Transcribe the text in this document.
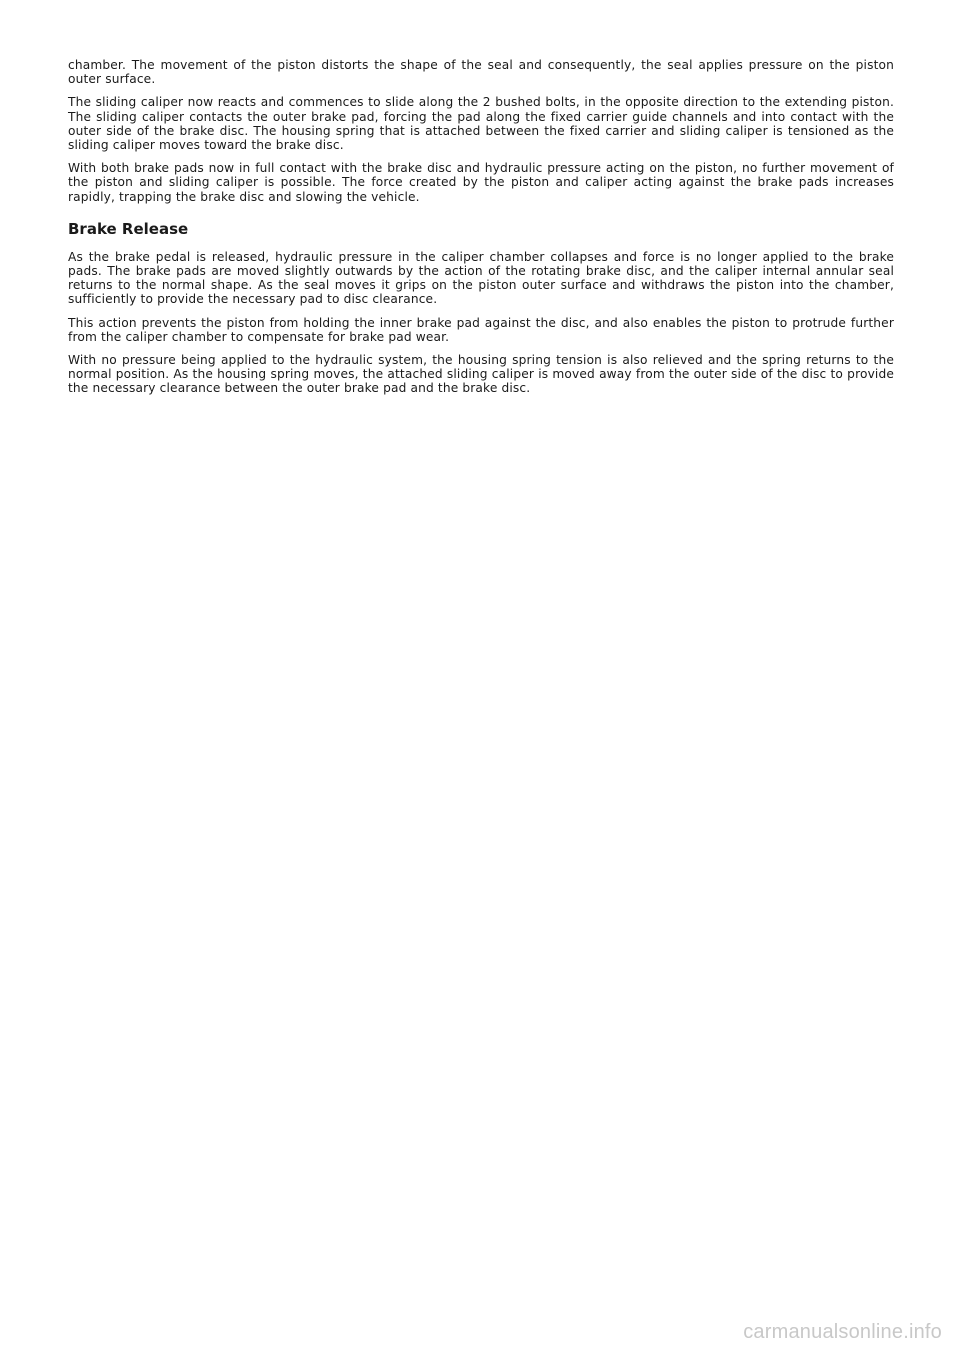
chamber. The movement of the piston distorts the shape of the seal and consequently, the seal applies pressure on the piston outer surface.

The sliding caliper now reacts and commences to slide along the 2 bushed bolts, in the opposite direction to the extending piston. The sliding caliper contacts the outer brake pad, forcing the pad along the fixed carrier guide channels and into contact with the outer side of the brake disc. The housing spring that is attached between the fixed carrier and sliding caliper is tensioned as the sliding caliper moves toward the brake disc.

With both brake pads now in full contact with the brake disc and hydraulic pressure acting on the piston, no further movement of the piston and sliding caliper is possible. The force created by the piston and caliper acting against the brake pads increases rapidly, trapping the brake disc and slowing the vehicle.

Brake Release

As the brake pedal is released, hydraulic pressure in the caliper chamber collapses and force is no longer applied to the brake pads. The brake pads are moved slightly outwards by the action of the rotating brake disc, and the caliper internal annular seal returns to the normal shape. As the seal moves it grips on the piston outer surface and withdraws the piston into the chamber, sufficiently to provide the necessary pad to disc clearance.

This action prevents the piston from holding the inner brake pad against the disc, and also enables the piston to protrude further from the caliper chamber to compensate for brake pad wear.

With no pressure being applied to the hydraulic system, the housing spring tension is also relieved and the spring returns to the normal position. As the housing spring moves, the attached sliding caliper is moved away from the outer side of the disc to provide the necessary clearance between the outer brake pad and the brake disc.

carmanualsonline.info
